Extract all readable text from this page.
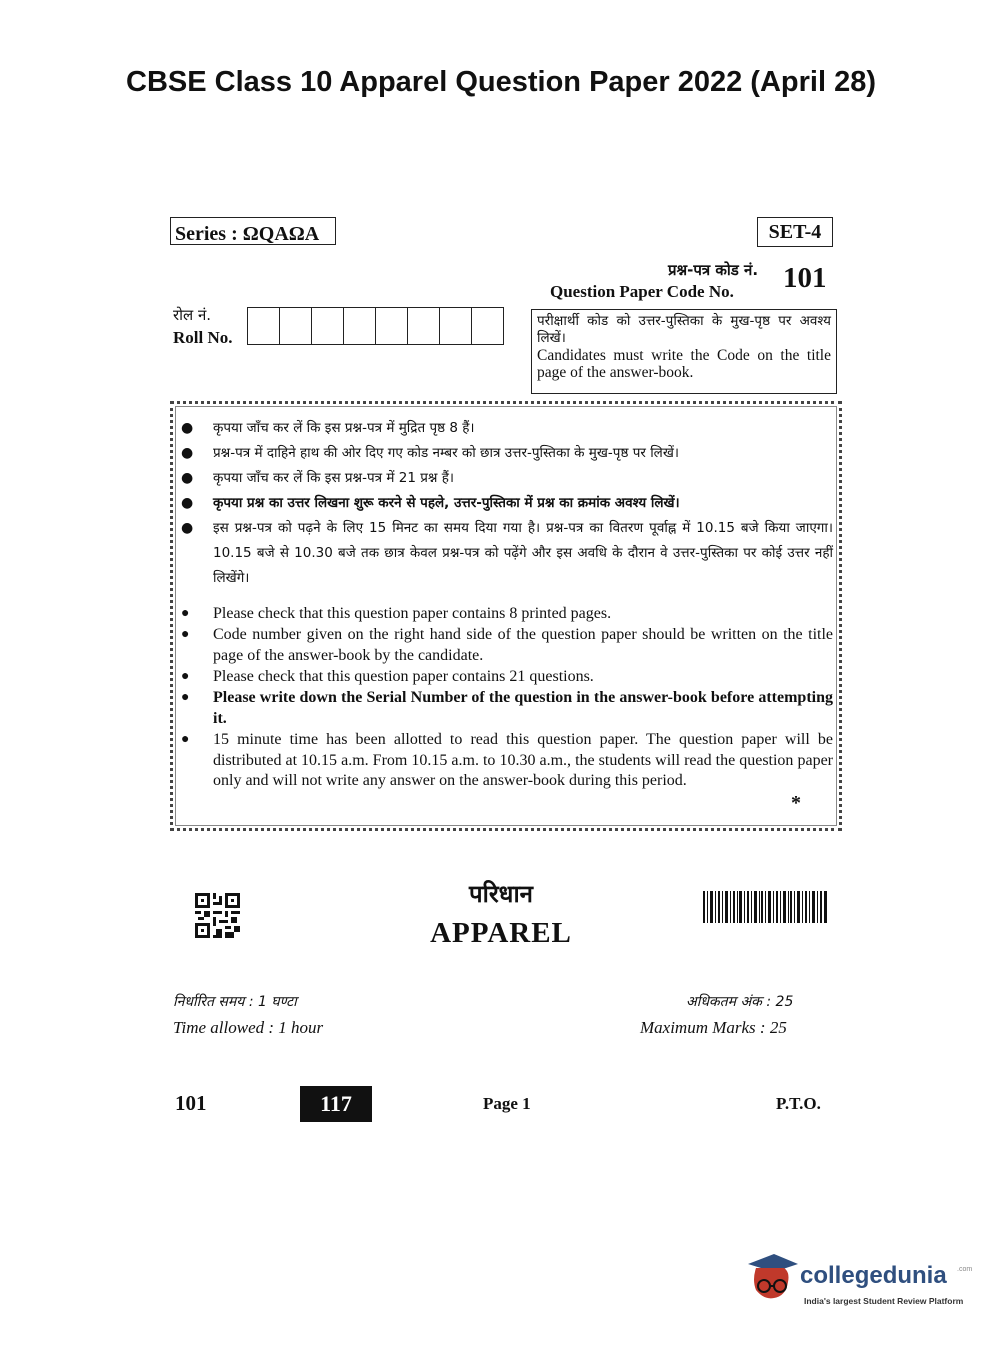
CBSE Class 10 Apparel Question Paper 2022 (April 28)
Series : ΩQAΩA	SET-4
प्रश्न-पत्र कोड नं.
Question Paper Code No. 101
रोल नं.
Roll No.
परीक्षार्थी कोड को उत्तर-पुस्तिका के मुख-पृष्ठ पर अवश्य लिखें।
Candidates must write the Code on the title page of the answer-book.
● कृपया जाँच कर लें कि इस प्रश्न-पत्र में मुद्रित पृष्ठ 8 हैं।
● प्रश्न-पत्र में दाहिने हाथ की ओर दिए गए कोड नम्बर को छात्र उत्तर-पुस्तिका के मुख-पृष्ठ पर लिखें।
● कृपया जाँच कर लें कि इस प्रश्न-पत्र में 21 प्रश्न हैं।
● कृपया प्रश्न का उत्तर लिखना शुरू करने से पहले, उत्तर-पुस्तिका में प्रश्न का क्रमांक अवश्य लिखें।
● इस प्रश्न-पत्र को पढ़ने के लिए 15 मिनट का समय दिया गया है। प्रश्न-पत्र का वितरण पूर्वाह्न में 10.15 बजे किया जाएगा। 10.15 बजे से 10.30 बजे तक छात्र केवल प्रश्न-पत्र को पढ़ेंगे और इस अवधि के दौरान वे उत्तर-पुस्तिका पर कोई उत्तर नहीं लिखेंगे।
● Please check that this question paper contains 8 printed pages.
● Code number given on the right hand side of the question paper should be written on the title page of the answer-book by the candidate.
● Please check that this question paper contains 21 questions.
● Please write down the Serial Number of the question in the answer-book before attempting it.
● 15 minute time has been allotted to read this question paper. The question paper will be distributed at 10.15 a.m. From 10.15 a.m. to 10.30 a.m., the students will read the question paper only and will not write any answer on the answer-book during this period.
*
परिधान
APPAREL
निर्धारित समय : 1 घण्टा
Time allowed : 1 hour
अधिकतम अंक : 25
Maximum Marks : 25
101	117	Page 1	P.T.O.
collegedunia .com
India's largest Student Review Platform
